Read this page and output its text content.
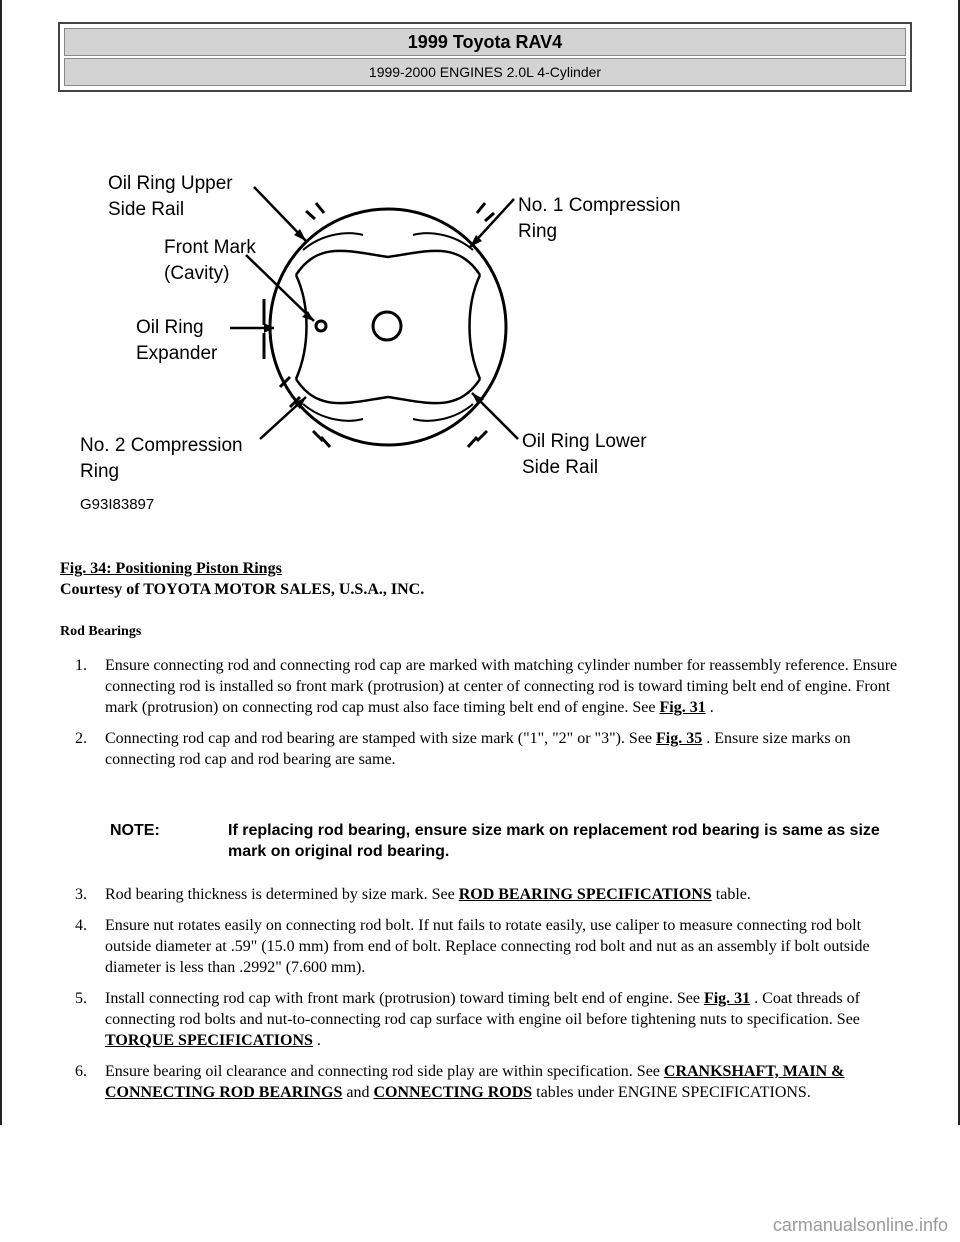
1999 Toyota RAV4
1999-2000 ENGINES 2.0L 4-Cylinder
Oil Ring Upper
Side Rail
Front Mark
(Cavity)
Oil Ring
Expander
No. 2 Compression
Ring
No. 1 Compression
Ring
Oil Ring Lower
Side Rail
G93I83897
Fig. 34: Positioning Piston Rings
Courtesy of TOYOTA MOTOR SALES, U.S.A., INC.
Rod Bearings
1. Ensure connecting rod and connecting rod cap are marked with matching cylinder number for reassembly reference. Ensure connecting rod is installed so front mark (protrusion) at center of connecting rod is toward timing belt end of engine. Front mark (protrusion) on connecting rod cap must also face timing belt end of engine. See Fig. 31 .
2. Connecting rod cap and rod bearing are stamped with size mark ("1", "2" or "3"). See Fig. 35 . Ensure size marks on connecting rod cap and rod bearing are same.
NOTE:	If replacing rod bearing, ensure size mark on replacement rod bearing is same as size mark on original rod bearing.
3. Rod bearing thickness is determined by size mark. See ROD BEARING SPECIFICATIONS table.
4. Ensure nut rotates easily on connecting rod bolt. If nut fails to rotate easily, use caliper to measure connecting rod bolt outside diameter at .59" (15.0 mm) from end of bolt. Replace connecting rod bolt and nut as an assembly if bolt outside diameter is less than .2992" (7.600 mm).
5. Install connecting rod cap with front mark (protrusion) toward timing belt end of engine. See Fig. 31 . Coat threads of connecting rod bolts and nut-to-connecting rod cap surface with engine oil before tightening nuts to specification. See TORQUE SPECIFICATIONS .
6. Ensure bearing oil clearance and connecting rod side play are within specification. See CRANKSHAFT, MAIN & CONNECTING ROD BEARINGS and CONNECTING RODS tables under ENGINE SPECIFICATIONS.
carmanualsonline.info
